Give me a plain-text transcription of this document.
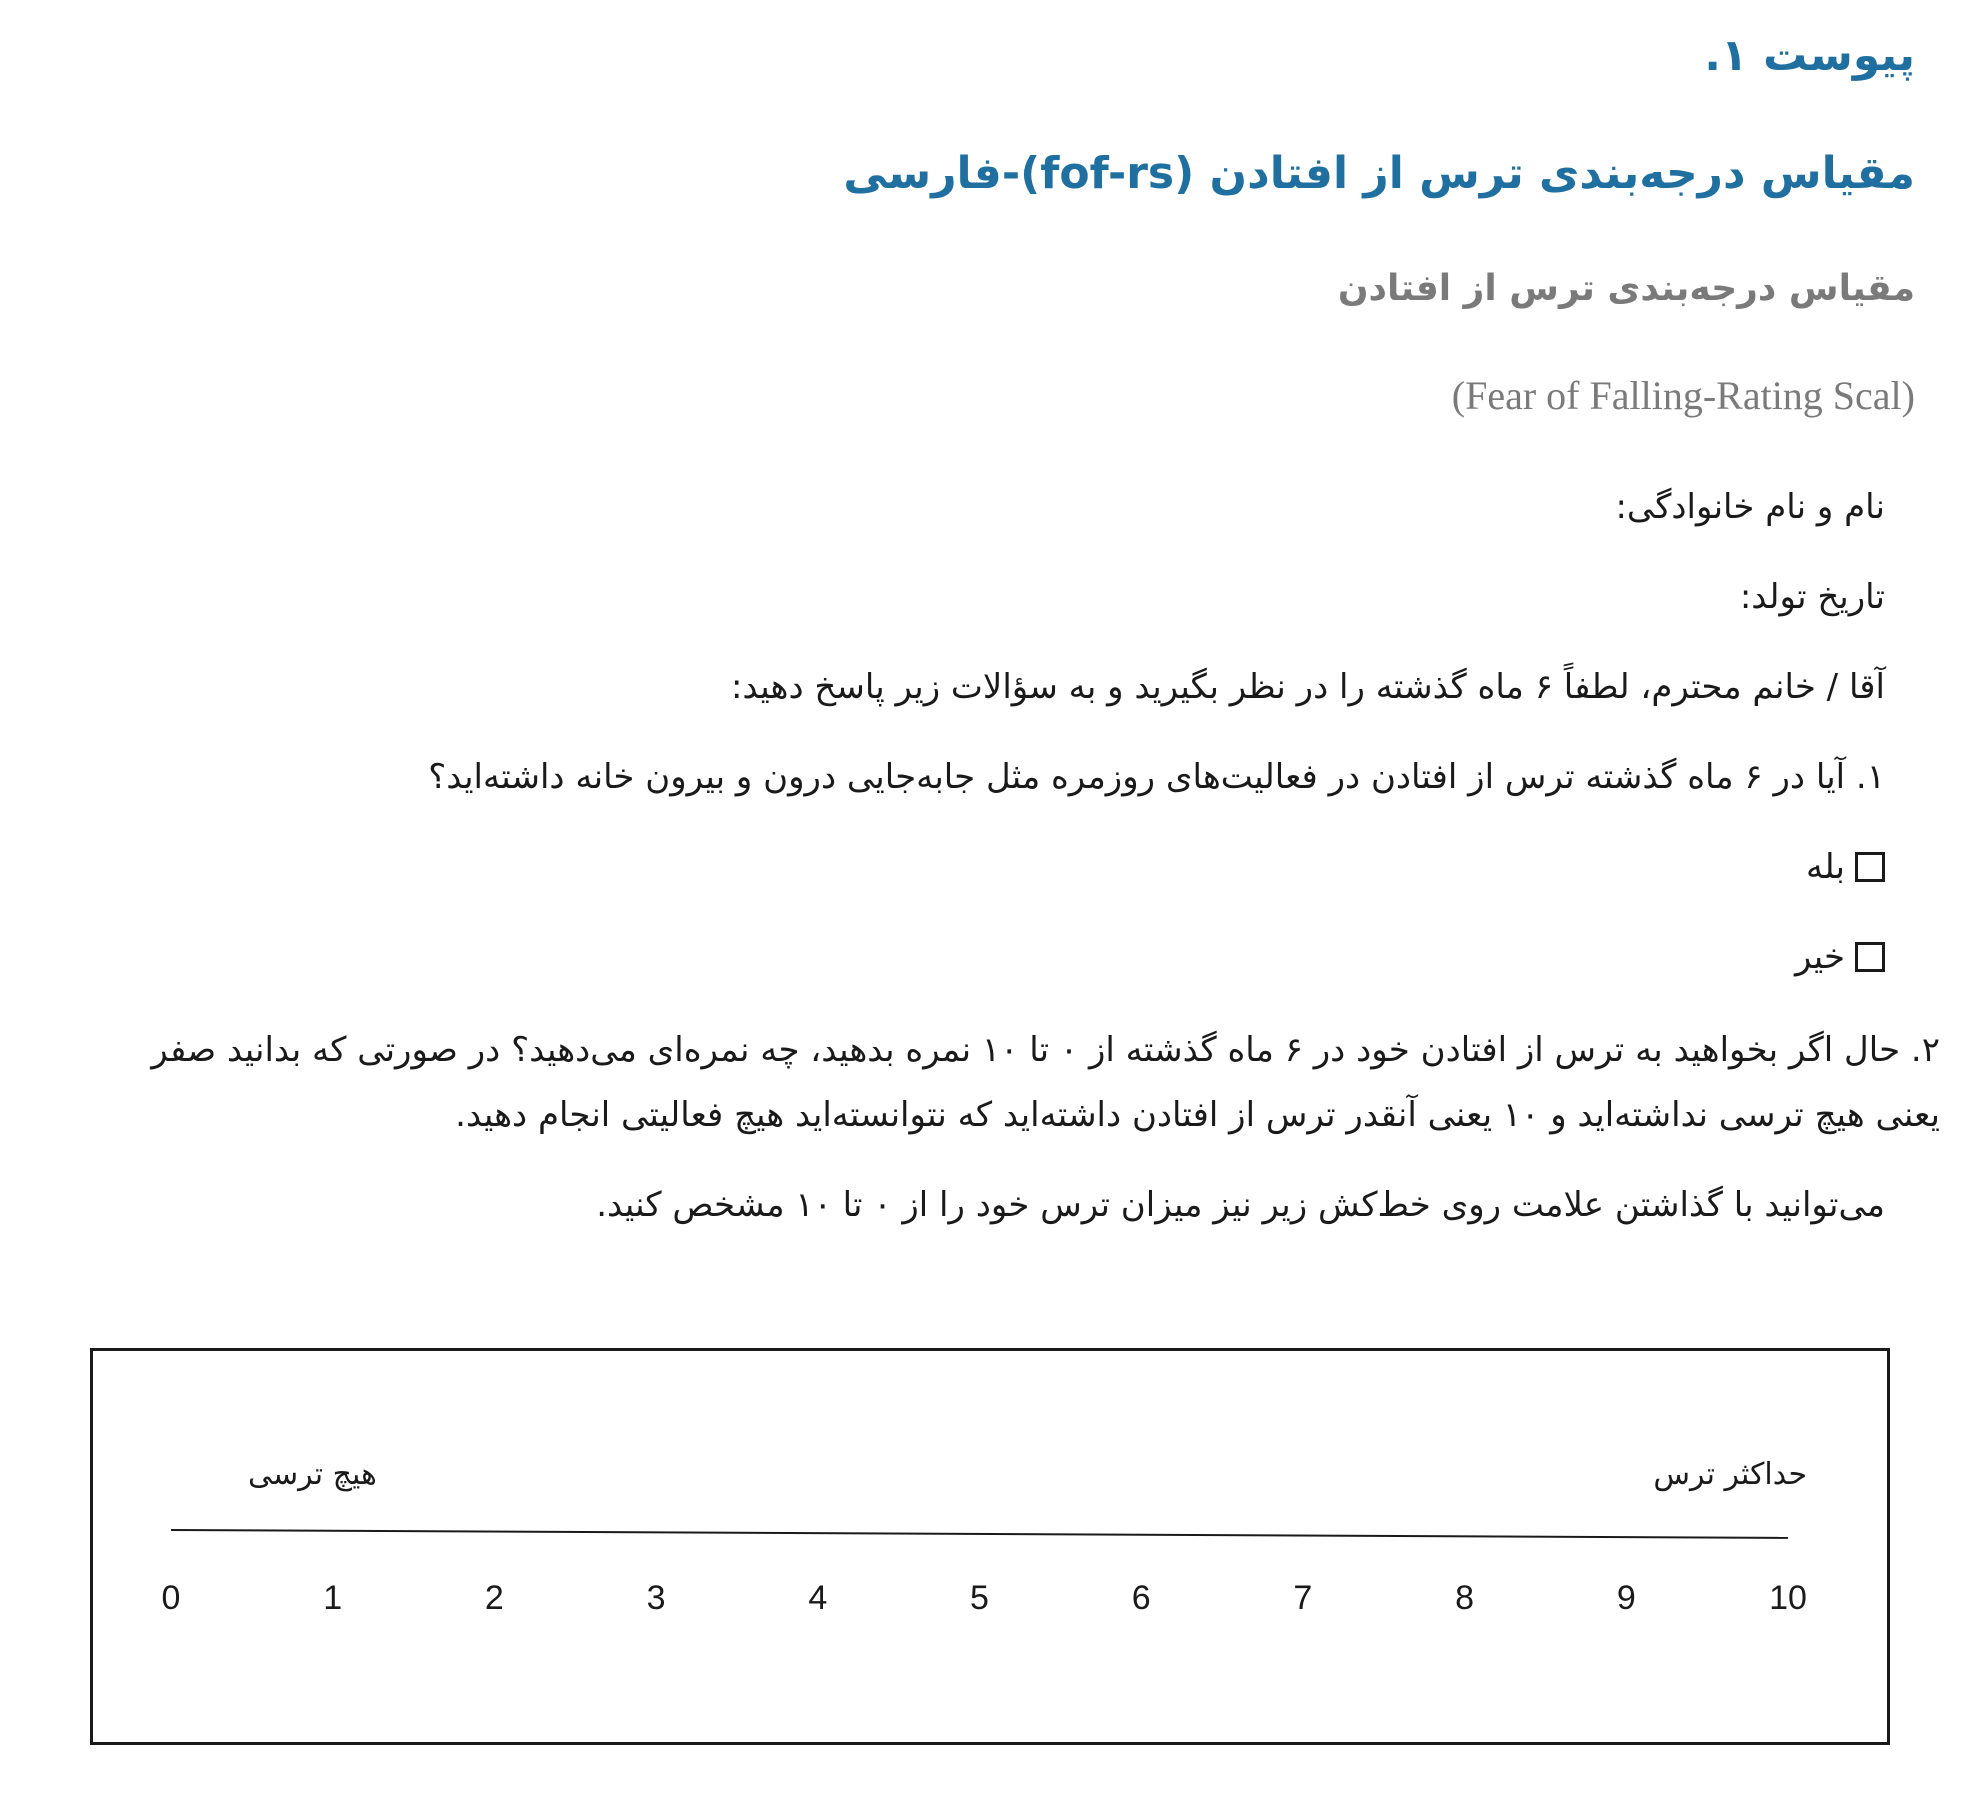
پیوست ۱.
مقیاس درجه‌بندی ترس از افتادن (fof-rs)-فارسی
مقیاس درجه‌بندی ترس از افتادن
(Fear of Falling-Rating Scal)
نام و نام خانوادگی:
تاریخ تولد:
آقا / خانم محترم، لطفاً ۶ ماه گذشته را در نظر بگیرید و به سؤالات زیر پاسخ دهید:
۱. آیا در ۶ ماه گذشته ترس از افتادن در فعالیت‌های روزمره مثل جابه‌جایی درون و بیرون خانه داشته‌اید؟
بله
خیر
۲. حال اگر بخواهید به ترس از افتادن خود در ۶ ماه گذشته از ۰ تا ۱۰ نمره بدهید، چه نمره‌ای می‌دهید؟ در صورتی که بدانید صفر
یعنی هیچ ترسی نداشته‌اید و ۱۰ یعنی آنقدر ترس از افتادن داشته‌اید که نتوانسته‌اید هیچ فعالیتی انجام دهید.
می‌توانید با گذاشتن علامت روی خط‌کش زیر نیز میزان ترس خود را از ۰ تا ۱۰ مشخص کنید.
حداکثر ترس
هیچ ترسی
0	1	2	3	4	5	6	7	8	9	10
